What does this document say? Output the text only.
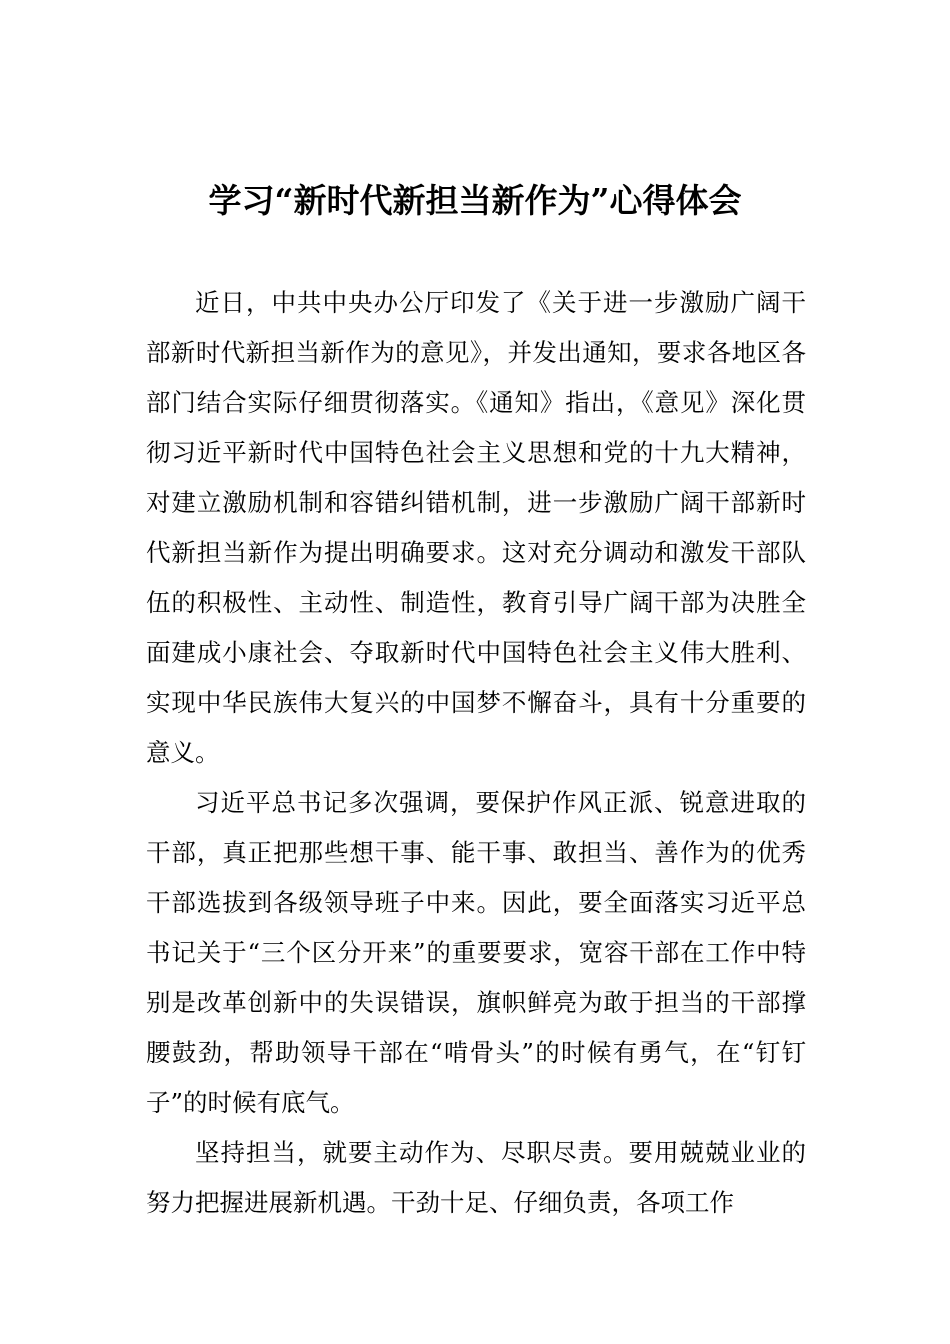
学习“新时代新担当新作为”心得体会

近日，中共中央办公厅印发了《关于进一步激励广阔干部新时代新担当新作为的意见》，并发出通知，要求各地区各部门结合实际仔细贯彻落实。《通知》指出，《意见》深化贯彻习近平新时代中国特色社会主义思想和党的十九大精神，对建立激励机制和容错纠错机制，进一步激励广阔干部新时代新担当新作为提出明确要求。这对充分调动和激发干部队伍的积极性、主动性、制造性，教育引导广阔干部为决胜全面建成小康社会、夺取新时代中国特色社会主义伟大胜利、实现中华民族伟大复兴的中国梦不懈奋斗，具有十分重要的意义。

习近平总书记多次强调，要保护作风正派、锐意进取的干部，真正把那些想干事、能干事、敢担当、善作为的优秀干部选拔到各级领导班子中来。因此，要全面落实习近平总书记关于“三个区分开来”的重要要求，宽容干部在工作中特别是改革创新中的失误错误，旗帜鲜亮为敢于担当的干部撑腰鼓劲，帮助领导干部在“啃骨头”的时候有勇气，在“钉钉子”的时候有底气。

坚持担当，就要主动作为、尽职尽责。要用兢兢业业的努力把握进展新机遇。干劲十足、仔细负责，各项工作
